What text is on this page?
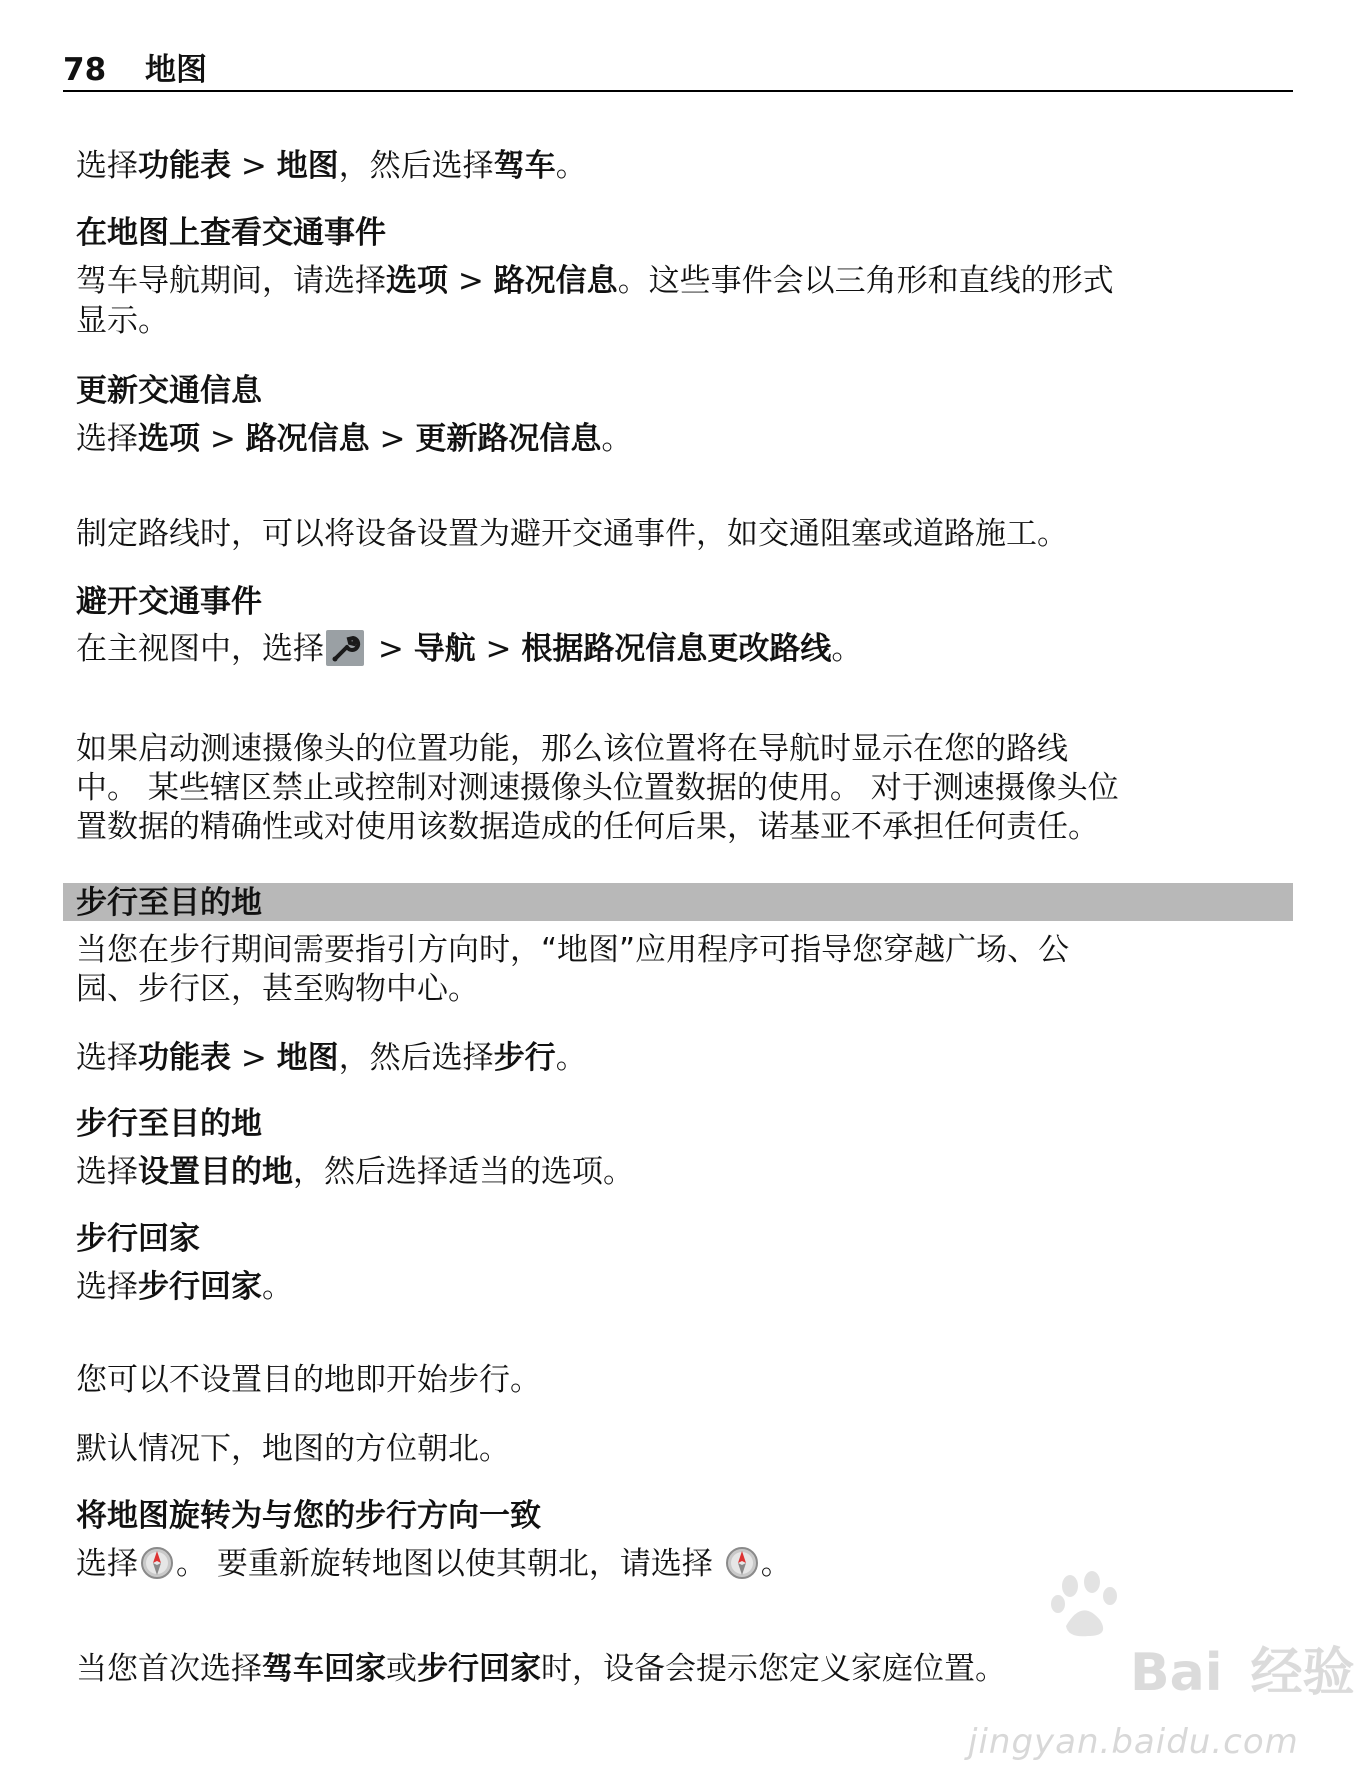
78 地图
选择功能表 > 地图，然后选择驾车。
在地图上查看交通事件
驾车导航期间，请选择选项 > 路况信息。这些事件会以三角形和直线的形式
显示。
更新交通信息
选择选项 > 路况信息 > 更新路况信息。
制定路线时，可以将设备设置为避开交通事件，如交通阻塞或道路施工。
避开交通事件
在主视图中，选择 > 导航 > 根据路况信息更改路线。
如果启动测速摄像头的位置功能，那么该位置将在导航时显示在您的路线
中。 某些辖区禁止或控制对测速摄像头位置数据的使用。 对于测速摄像头位
置数据的精确性或对使用该数据造成的任何后果，诺基亚不承担任何责任。
步行至目的地
当您在步行期间需要指引方向时，“地图”应用程序可指导您穿越广场、公
园、步行区，甚至购物中心。
选择功能表 > 地图，然后选择步行。
步行至目的地
选择设置目的地，然后选择适当的选项。
步行回家
选择步行回家。
您可以不设置目的地即开始步行。
默认情况下，地图的方位朝北。
将地图旋转为与您的步行方向一致
选择 。 要重新旋转地图以使其朝北，请选择 。
当您首次选择驾车回家或步行回家时，设备会提示您定义家庭位置。	Bai 经验
jingyan.baidu.com
